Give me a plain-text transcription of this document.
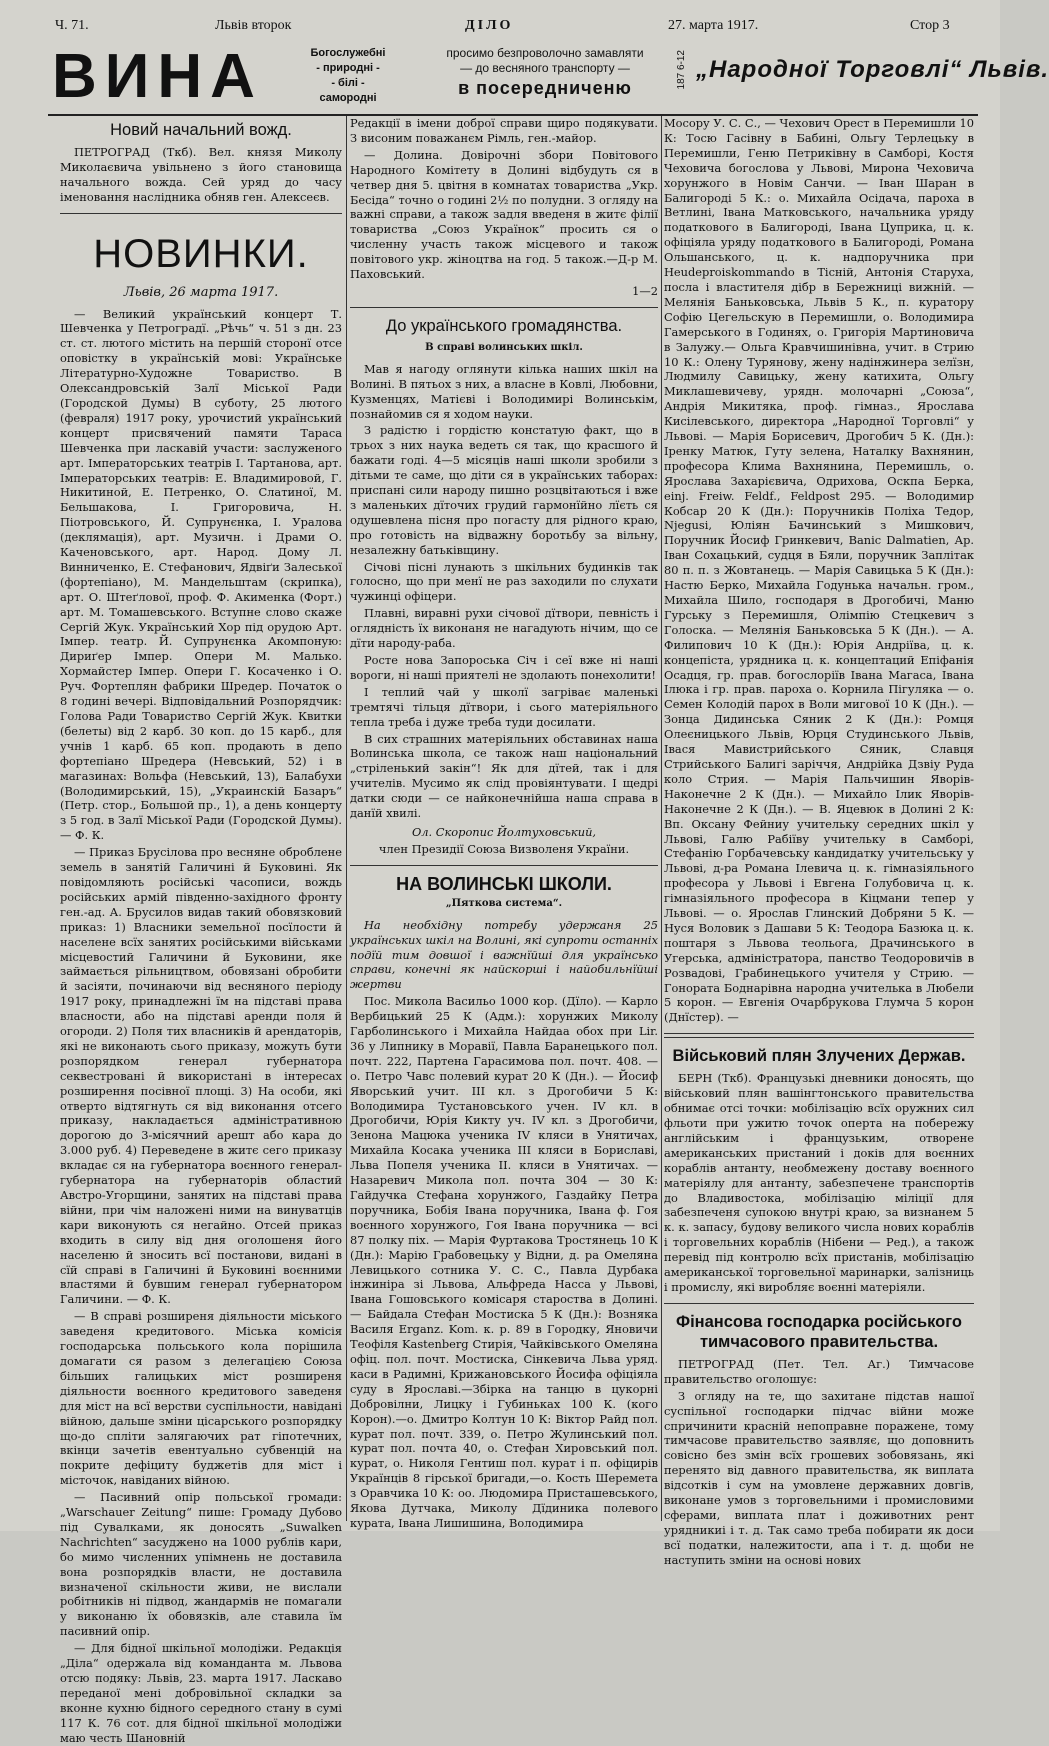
Ч. 71.	Львів второк	ДІЛО	27. марта 1917.	Стор 3
ВИНА	Богослужебні
- природні -
- білі -
самородні
просимо безпроволочно замавляти
— до весняного транспорту —
в посередниченю	187 6-12 „Народної Торговлі“ Львів.
Новий начальний вожд.

ПЕТРОГРАД (Ткб). Вел. князя Миколу Миколаєвича увільнено з його становища начального вожда. Сей уряд до часу іменовання наслідника обняв ген. Алексеєв.

НОВИНКИ.
Львів, 26 марта 1917.

— Великий український концерт Т. Шевченка у Петроградї. „Рѣчь“ ч. 51 з дн. 23 ст. ст. лютого містить на першій сторонї отсе оповістку в українській мові: Українське Літературно-Художне Товариство. В Олександровській Залї Міської Ради (Городской Думы) В суботу, 25 лютого (февраля) 1917 року, урочистий український концерт присвячений памяти Тараса Шевченка при ласкавій участи: заслуженого арт. Імператорських театрів І. Тартанова, арт. Імператорських театрів: Е. Владимировой, Г. Никитиной, Е. Петренко, О. Слатиної, М. Бельшакова, І. Григоровича, Н. Піотровського, Й. Супрунєнка, І. Уралова (деклямація), арт. Музичн. і Драми О. Каченовського, арт. Народ. Дому Л. Винниченко, Е. Стефанович, Ядвіґи Залеської (фортепіано), М. Мандельштам (скрипка), арт. О. Штеґлової, проф. Ф. Акименка (Форт.) арт. М. Томашевського. Вступне слово скаже Сергій Жук. Український Хор під орудою Арт. Імпер. театр. Й. Супрунєнка Акомпоную: Дириґер Імпер. Опери М. Малько. Хормайстер Імпер. Опери Г. Косаченко і О. Руч. Фортеплян фабрики Шредер. Початок о 8 годині вечері. Відповідальний Розпорядчик: Голова Ради Товариство Сергій Жук. Квитки (белеты) від 2 карб. 30 коп. до 15 карб., для учнів 1 карб. 65 коп. продають в депо фортепіано Шредера (Невський, 52) і в магазинах: Вольфа (Невський, 13), Балабухи (Володимирський, 15), „Украинскій Базаръ“ (Петр. стор., Большой пр., 1), а день концерту з 5 год. в Залї Міської Ради (Городской Думы). — Ф. К.

— Приказ Брусілова про весняне оброблене земель в занятій Галичині й Буковині. Як повідомляють російські часописи, вождь російських армій південно-західного фронту ген.-ад. А. Брусилов видав такий обовязковий приказ: 1) Власники земельної посїлости й населене всїх занятих російськими військами місцевостий Галичини й Буковини, яке займається рільництвом, обовязані обробити й засіяти, починаючи від весняного періоду 1917 року, принадлежні їм на підставі права власности, або на підставі аренди поля й огороди. 2) Поля тих власників й арендаторів, які не виконають сього приказу, можуть бути розпорядком генерал губернатора секвестровані й використані в інтересах розширення посівної площі. 3) На особи, які отверто відтягнуть ся від виконання отсего приказу, накладається адміністративною дорогою до 3-місячний арешт або кара до 3.000 руб. 4) Переведене в житє сего приказу вкладає ся на губернатора воєнного генерал-губернатора на губернаторів областий Австро-Угорщини, занятих на підставі права війни, при чім наложені ними на винуватців кари виконують ся негайно. Отсей приказ входить в силу від дня оголошеня його населеню й зносить всї постанови, видані в сїй справі в Галичині й Буковині воєнними властями й бувшим генерал губернатором Галичини. — Ф. К.

— В справі розширеня діяльности міського заведеня кредитового. Міська комісія господарська польського кола порішила домагати ся разом з делегацією Союза більших галицьких міст розширеня діяльности воєнного кредитового заведеня для міст на всї верстви суспільности, навідані війною, дальше зміни цісарського розпорядку що-до спліти залягаючих рат гіпотечних, вкінци зачетів евентуально субвенцій на покрите дефіциту буджетів для міст і місточок, навіданих війною.

— Пасивний опір польської громади: „Warschauer Zeitung“ пише: Громаду Дубово під Сувалками, як доносять „Suwalken Nachrichten“ засуджено на 1000 рублів кари, бо мимо численних упімнень не доставила вона розпорядків власти, не доставила визначеної скільности живи, не вислали робітників ні підвод, жандармів не помагали у виконаню їх обовязків, але ставила їм пасивний опір.

— Для бідної шкільної молодіжи. Редакція „Діла“ одержала від команданта м. Львова отсю подяку: Львів, 23. марта 1917. Ласкаво переданої мені добровільної складки за вконне кухню бідного середного стану в сумі 117 К. 76 сот. для бідної шкільної молодіжи маю честь Шановній

Редакції в імени доброї справи щиро подякувати. З висоним поважанєм Рімль, ген.-майор.

— Долина. Довірочні збори Повітового Народного Комітету в Долині відбудуть ся в четвер дня 5. цвітня в комнатах товариства „Укр. Бесіда“ точно о годині 2½ по полудни. З огляду на важні справи, а також задля введеня в житє філії товариства „Союз Українок“ просить ся о численну участь також місцевого и також повітового укр. жіноцтва на год. 5 також.—Д-р М. Паховський.

1—2

До українського громадянства.
В справі волинських шкіл.

Мав я нагоду оглянути кілька наших шкіл на Волині. В пятьох з них, а власне в Ковлі, Любовни, Кузменцях, Матієві і Володимирі Волинськім, познайомив ся я ходом науки.

З радістю і гордістю констатую факт, що в трьох з них наука ведеть ся так, що красшого й бажати годі. 4—5 місяців наші школи зробили з дітьми те саме, що діти ся в українських таборах: приспані сили народу пишно розцвітаються і вже з маленьких дїточих грудий гармонїйно лїєть ся одушевлена пісня про погасту для рідного краю, про готовість на відважну боротьбу за вільну, незалежну батьківщину.

Січові пісні лунають з шкільних будинків так голосно, що при менї не раз заходили по слухати чужинці офіцери.

Плавні, виравні рухи січової дїтвори, певність і оглядність їх виконаня не нагадують нічим, що се дїти народу-раба.

Росте нова Запороська Січ і сеї вже ні наші вороги, ні наші приятелі не здолають понехолити!

І теплий чай у школї загріває маленькі тремтячі тільця дїтвори, і сього матеріяльного тепла треба і дуже треба туди досилати.

В сих страшних матеріяльних обставинах наша Волинська школа, се також наш національний „стріленький закін“! Як для дїтей, так і для учителів. Мусимо як слід провіянтувати. І щедрі датки сюди — се найконечнійша наша справа в данїй хвилі.

Ол. Скоропис Йолтуховський,
член Президії Союза Визволеня України.
НА ВОЛИНСЬКІ ШКОЛИ.
„Пяткова система“.

На необхідну потребу удержаня 25 українських шкіл на Волині, які супроти останніх подїй тим довшої і важнїйші для українсько справи, конечні як найскорші і найобильнїйші жертви

Пос. Микола Васильо 1000 кор. (Дїлo). — Карло Вербицький 25 К (Адм.): хорунжих Миколу Гарболинського і Михайла Найдаа обох при Lir. 36 у Липнику в Моравії, Павла Баранецького пол. почт. 222, Партена Гарасимова пол. почт. 408. — о. Петро Чавс полевий курат 20 К (Дн.). — Йосиф Яворський учит. III кл. з Дрогобичи 5 К: Володимира Тустановського учен. IV кл. в Дрогобичи, Юрія Кикту уч. IV кл. з Дрогобичи, Зенона Мацюка ученика IV кляси в Унятичах, Михайла Косака ученика III кляси в Бориславі, Льва Попеля ученика II. кляси в Унятичах. — Назаревич Микола пол. почта 304 — 30 К: Гайдучка Стефана хорунжого, Газдайку Петра поручника, Бобія Івана поручника, Івана ф. Гоя воєнного хорунжого, Гоя Івана поручника — всі 87 полку піх. — Марія Фуртакова Тростянець 10 К (Дн.): Марію Грабовецьку у Відни, д. ра Омеляна Левицького сотника У. С. С., Павла Дурбака інжиніра зі Львова, Альфреда Насса у Львові, Івана Гошовського комісаря староства в Долині. — Байдала Стефан Мостиска 5 К (Дн.): Возняка Василя Erganz. Kom. к. р. 89 в Городку, Яновичи Теофіля Kastenberg Стирія, Чайківського Омеляна офіц. пол. почт. Мостиска, Сінкевича Льва уряд. каси в Радимні, Крижановського Йосифа офіціяла суду в Ярославі.—Збірка на танцю в цукорні Добровілни, Лицку і Губиньках 100 К. (кого Корон).—о. Дмитро Колтун 10 К: Віктор Райд пол. курат пол. почт. 339, о. Петро Жулинський пол. курат пол. почта 40, о. Стефан Хировський пол. курат, о. Николя Гентиш пол. курат і п. офіцирів Українців 8 гірської бригади,—о. Кость Шеремета з Оравчика 10 К: оо. Людомира Присташевського, Якова Дутчака, Миколу Дїдиника полевого курата, Івана Лишишина, Володимира

Мосору У. С. С., — Чехович Орест в Перемишли 10 К: Тосю Гасівну в Бабині, Ольгу Терлецьку в Перемишли, Геню Петриківну в Самборі, Костя Чеховича богослова у Львові, Мирона Чеховича хорунжого в Новім Санчи. — Іван Шаран в Балигороді 5 К.: о. Михайла Осідача, пароха в Ветлині, Івана Матковського, начальника уряду податкового в Балигороді, Івана Цуприка, ц. к. офіціяла уряду податкового в Балигороді, Романа Ольшанського, ц. к. надпоручника при Heudeproiskommando в Тісній, Антонія Старуха, посла і властителя дібр в Бережниці вижній. — Мелянія Баньковська, Львів 5 К., п. куратору Софію Цегельскую в Перемишли, о. Володимира Гамерського в Годинях, о. Григорія Мартиновича в Залужу.— Ольга Кравчишинівна, учит. в Стрию 10 К.: Олену Турянову, жену надінжинера зелїзн, Людмилу Савицьку, жену катихита, Ольгу Миклашевичеву, урядн. молочарні „Союза“, Андрія Микитяка, проф. гімназ., Ярослава Кисілевського, директора „Народної Торговлі“ у Львові. — Марія Борисевич, Дрогобич 5 К. (Дн.): Іренку Матюк, Гуту зелена, Наталку Вахнянин, професора Клима Вахнянина, Перемишль, о. Ярослава Захарієвича, Одрихова, Оскпа Берка, einj. Freiw. Feldf., Feldpost 295. — Володимир Кобсар 20 К (Дн.): Поручників Поліха Тедор, Njegusi, Юліян Бачинський з Мишкович, Поручник Йосиф Гринкевич, Banic Dalmatien, Ар. Іван Сохацький, судця в Бяли, поручник Заплітак 80 п. п. з Жовтанець. — Марія Савицька 5 К (Дн.): Настю Берко, Михайла Годунька начальн. гром., Михайла Шило, господаря в Дрогобичі, Маню Гурську з Перемишля, Олімпію Стецкевич з Голоска. — Мелянія Баньковська 5 К (Дн.). — А. Филипович 10 К (Дн.): Юрія Андріїва, ц. к. концепіста, урядника ц. к. концептаций Епіфанія Осадця, гр. прав. богослоріїв Івана Магаса, Івана Ілюка і гр. прав. пароха о. Корнила Пігуляка — о. Семен Колодій парох в Воли мигової 10 К (Дн.). — Зонца Дидинська Сяник 2 К (Дн.): Ромця Олеєницького Львів, Юрця Студинського Львів, Івася Мавистрийського Сяник, Славця Стрийського Балигі заріччя, Андрійка Дзвіу Руда коло Стрия. — Марія Пальчишин Яворів-Наконечне 2 К (Дн.). — Михайло Ілик Яворів-Наконечне 2 К (Дн.). — В. Яцевюк в Долині 2 К: Вп. Оксану Фейниу учительку середних шкіл у Львові, Галю Рабіїву учительку в Самборі, Стефанію Горбачевську кандидатку учительську у Львові, д-ра Романа Ілевича ц. к. гімназіяльного професора у Львові і Евгена Голубовича ц. к. гімназіяльного професора в Кіцмани тепер у Львові. — о. Ярослав Глинский Добряни 5 К. — Нуся Воловик з Дашави 5 К: Теодора Базюка ц. к. поштаря з Львова теольога, Драчинського в Угерська, адміністратора, панство Теодоровичів в Розвадові, Грабинецького учителя у Стрию. — Гонората Боднарівна народна учителька в Любели 5 корон. — Евгенія Очарбрукова Глумча 5 корон (Днїстер). —

Військовий плян Злучених Держав.

БЕРН (Ткб). Французькі дневники доносять, що військовий плян вашінгтонського правительства обнимає отсі точки: мобілізацію всїх оружних сил фльоти при ужитю точок оперта на побережу англійським і французьким, отворене американських пристаний і доків для воєнних кораблів антанту, необмежену доставу воєнного матеріялу для антанту, забезпечене транспортів до Владивостока, мобілізацію міліції для забезпеченя супокою внутрі краю, за визнанем 5 к. к. запасу, будову великого числа нових кораблів і торговельних кораблів (Нібени — Ред.), а також перевід під контролю всїх пристанів, мобілізацію американської торговельної маринарки, залізниць і промислу, які виробляє воєнні матеріяли.

Фінансова господарка російського тимчасового правительства.

ПЕТРОГРАД (Пет. Тел. Аг.) Тимчасове правительство оголошує:

З огляду на те, що захитане підстав нашої суспільної господарки підчас війни може спричинити красній непоправне пораженe, тому тимчасове правительство заявляє, що доповнить совісно без змін всїх грошевих зобовязань, які перенято від давного правительства, як виплата відсотків і сум на умовлене державних довгів, виконане умов з торговельними і промисловими сферами, виплата плат і доживотних рент урядникиі і т. д. Так само треба побирати як доси всї податки, належитости, апа і т. д. щоби не наступить зміни на основі нових
